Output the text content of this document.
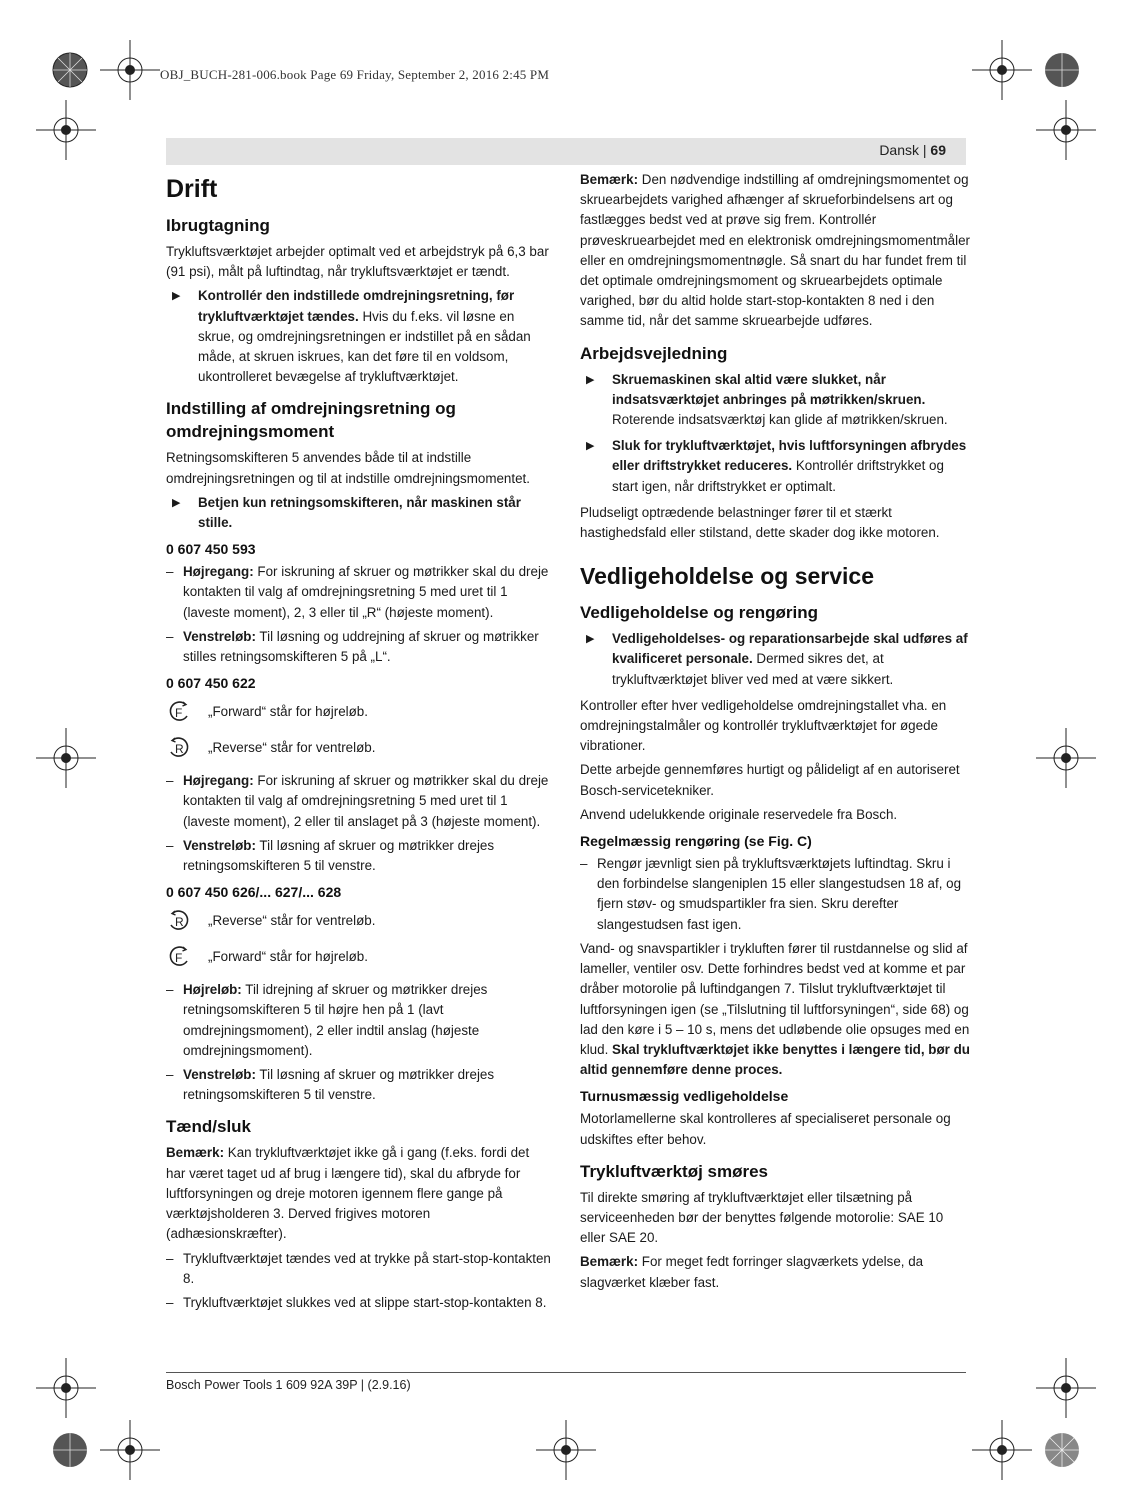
OBJ_BUCH-281-006.book Page 69 Friday, September 2, 2016 2:45 PM
Dansk | 69
Drift
Ibrugtagning
Trykluftsværktøjet arbejder optimalt ved et arbejdstryk på 6,3 bar (91 psi), målt på luftindtag, når trykluftsværktøjet er tændt.
▶ Kontrollér den indstillede omdrejningsretning, før trykluftværktøjet tændes. Hvis du f.eks. vil løsne en skrue, og omdrejningsretningen er indstillet på en sådan måde, at skruen iskrues, kan det føre til en voldsom, ukontrolleret bevægelse af trykluftværktøjet.
Indstilling af omdrejningsretning og omdrejningsmoment
Retningsomskifteren 5 anvendes både til at indstille omdrejningsretningen og til at indstille omdrejningsmomentet.
▶ Betjen kun retningsomskifteren, når maskinen står stille.
0 607 450 593
– Højregang: For iskruning af skruer og møtrikker skal du dreje kontakten til valg af omdrejningsretning 5 med uret til 1 (laveste moment), 2, 3 eller til „R“ (højeste moment).
– Venstreløb: Til løsning og uddrejning af skruer og møtrikker stilles retningsomskifteren 5 på „L“.
0 607 450 622
F „Forward“ står for højreløb.
R „Reverse“ står for ventreløb.
– Højregang: For iskruning af skruer og møtrikker skal du dreje kontakten til valg af omdrejningsretning 5 med uret til 1 (laveste moment), 2 eller til anslaget på 3 (højeste moment).
– Venstreløb: Til løsning af skruer og møtrikker drejes retningsomskifteren 5 til venstre.
0 607 450 626/... 627/... 628
R „Reverse“ står for ventreløb.
F „Forward“ står for højreløb.
– Højreløb: Til idrejning af skruer og møtrikker drejes retningsomskifteren 5 til højre hen på 1 (lavt omdrejningsmoment), 2 eller indtil anslag (højeste omdrejningsmoment).
– Venstreløb: Til løsning af skruer og møtrikker drejes retningsomskifteren 5 til venstre.
Tænd/sluk
Bemærk: Kan trykluftværktøjet ikke gå i gang (f.eks. fordi det har været taget ud af brug i længere tid), skal du afbryde for luftforsyningen og dreje motoren igennem flere gange på værktøjsholderen 3. Derved frigives motoren (adhæsionskræfter).
– Trykluftværktøjet tændes ved at trykke på start-stop-kontakten 8.
– Trykluftværktøjet slukkes ved at slippe start-stop-kontakten 8.
Bemærk: Den nødvendige indstilling af omdrejningsmomentet og skruearbejdets varighed afhænger af skrueforbindelsens art og fastlægges bedst ved at prøve sig frem. Kontrollér prøveskruearbejdet med en elektronisk omdrejningsmomentmåler eller en omdrejningsmomentnøgle. Så snart du har fundet frem til det optimale omdrejningsmoment og skruearbejdets optimale varighed, bør du altid holde start-stop-kontakten 8 ned i den samme tid, når det samme skruearbejde udføres.
Arbejdsvejledning
▶ Skruemaskinen skal altid være slukket, når indsatsværktøjet anbringes på møtrikken/skruen. Roterende indsatsværktøj kan glide af møtrikken/skruen.
▶ Sluk for trykluftværktøjet, hvis luftforsyningen afbrydes eller driftstrykket reduceres. Kontrollér driftstrykket og start igen, når driftstrykket er optimalt.
Pludseligt optrædende belastninger fører til et stærkt hastighedsfald eller stilstand, dette skader dog ikke motoren.
Vedligeholdelse og service
Vedligeholdelse og rengøring
▶ Vedligeholdelses- og reparationsarbejde skal udføres af kvalificeret personale. Dermed sikres det, at trykluftværktøjet bliver ved med at være sikkert.
Kontroller efter hver vedligeholdelse omdrejningstallet vha. en omdrejningstalmåler og kontrollér trykluftværktøjet for øgede vibrationer.
Dette arbejde gennemføres hurtigt og pålideligt af en autoriseret Bosch-servicetekniker.
Anvend udelukkende originale reservedele fra Bosch.
Regelmæssig rengøring (se Fig. C)
– Rengør jævnligt sien på trykluftsværktøjets luftindtag. Skru i den forbindelse slangeniplen 15 eller slangestudsen 18 af, og fjern støv- og smudspartikler fra sien. Skru derefter slangestudsen fast igen.
Vand- og snavspartikler i trykluften fører til rustdannelse og slid af lameller, ventiler osv. Dette forhindres bedst ved at komme et par dråber motorolie på luftindgangen 7. Tilslut trykluftværktøjet til luftforsyningen igen (se „Tilslutning til luftforsyningen“, side 68) og lad den køre i 5 – 10 s, mens det udløbende olie opsuges med en klud. Skal trykluftværktøjet ikke benyttes i længere tid, bør du altid gennemføre denne proces.
Turnusmæssig vedligeholdelse
Motorlamellerne skal kontrolleres af specialiseret personale og udskiftes efter behov.
Trykluftværktøj smøres
Til direkte smøring af trykluftværktøjet eller tilsætning på serviceenheden bør der benyttes følgende motorolie: SAE 10 eller SAE 20.
Bemærk: For meget fedt forringer slagværkets ydelse, da slagværket klæber fast.
Bosch Power Tools 1 609 92A 39P | (2.9.16)
